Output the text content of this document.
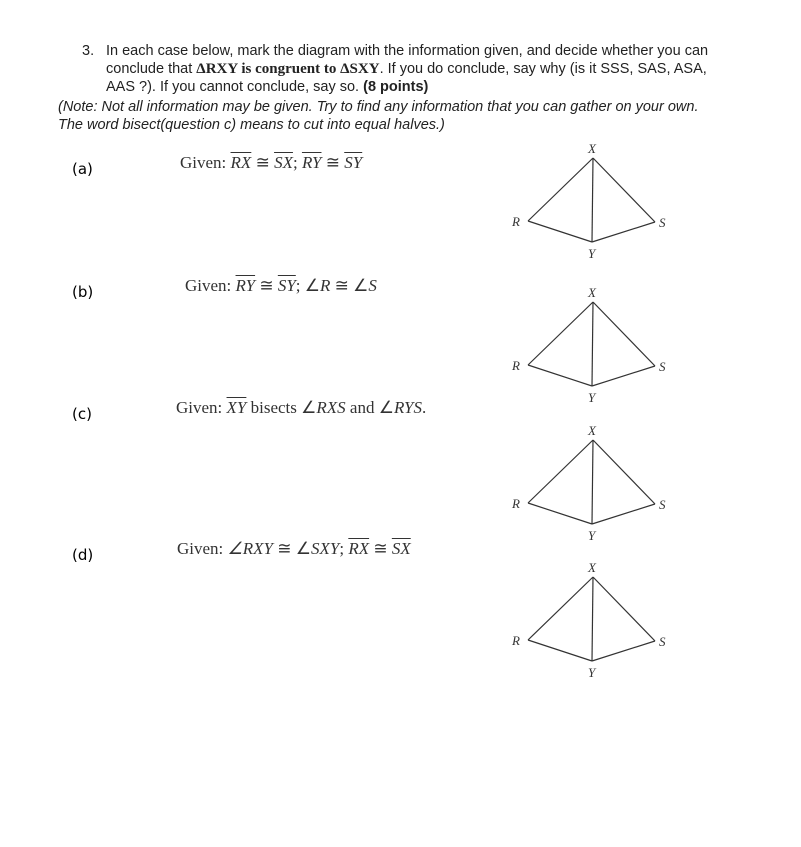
3. In each case below, mark the diagram with the information given, and decide whether you can
conclude that ΔRXY is congruent to ΔSXY. If you do conclude, say why (is it SSS, SAS, ASA,
AAS ?). If you cannot conclude, say so. (8 points)
(Note: Not all information may be given. Try to find any information that you can gather on your own.
The word bisect(question c) means to cut into equal halves.)
(a)
(b)
(c)
(d)
Given: $\overline{RX}$ ≅ $\overline{SX}$; $\overline{RY}$ ≅ $\overline{SY}$
Given: $\overline{RY}$ ≅ $\overline{SY}$; ∠R ≅ ∠S
Given: $\overline{XY}$ bisects ∠RXS and ∠RYS.
Given: ∠RXY ≅ ∠SXY; $\overline{RX}$ ≅ $\overline{SX}$
X
R	S
Y
X
R	S
Y
X
R	S
Y
X
R	S
Y
